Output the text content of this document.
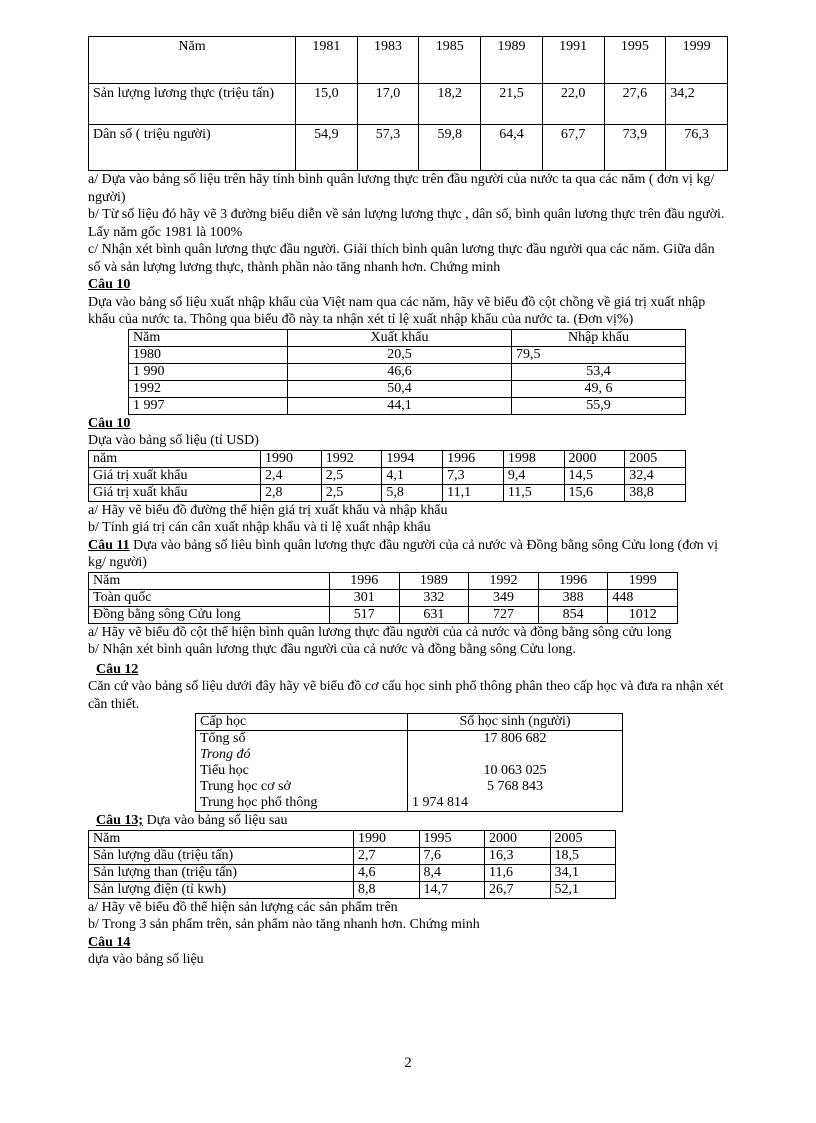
Năm	1981	1983	1985	1989	1991	1995	1999
Sản lượng lương thực (triệu tấn)	15,0	17,0	18,2	21,5	22,0	27,6	34,2
Dân số ( triệu người)	54,9	57,3	59,8	64,4	67,7	73,9	76,3

a/ Dựa vào bảng số liệu trên hãy tính bình quân lương thực trên đầu người của nước ta qua các năm ( đơn vị kg/ người)

b/ Từ số liệu đó hãy vẽ 3 đường biểu diễn về sản lượng lương thực , dân số, bình quân lương thực trên đầu người. Lấy năm gốc 1981 là 100%

c/ Nhận xét bình quân lương thực đầu người. Giải thích bình quân lương thực đầu người qua các năm. Giữa dân số và sản lượng lương thực, thành phần nào tăng nhanh hơn. Chứng minh

Câu 10

Dựa vào bảng số liệu xuất nhập khẩu của Việt nam qua các năm, hãy vẽ biểu đồ cột chồng về giá trị xuất nhập khẩu của nước ta. Thông qua biểu đồ này ta nhận xét tỉ lệ xuất nhập khẩu của nước ta. (Đơn vị%)

Năm	Xuất khẩu	Nhập khẩu
1980	20,5	79,5
1 990	46,6	53,4
1992	50,4	49, 6
1 997	44,1	55,9

Câu 10

Dựa vào bảng số liệu (tỉ USD)

năm	1990	1992	1994	1996	1998	2000	2005
Giá trị xuất khẩu	2,4	2,5	4,1	7,3	9,4	14,5	32,4
Giá trị xuất khẩu	2,8	2,5	5,8	11,1	11,5	15,6	38,8

a/ Hãy vẽ biểu đồ đường thể hiện giá trị xuất khẩu và nhập khẩu

b/ Tính giá trị cán cân xuất nhập khẩu và tỉ lệ xuất nhập khẩu

Câu 11 Dựa vào bảng số liêu bình quân lương thực đầu người của cả nước và Đồng bằng sông Cửu long (đơn vị kg/ người)

Năm	1996	1989	1992	1996	1999
Toàn quốc	301	332	349	388	448
Đồng bằng sông Cửu long	517	631	727	854	1012

a/ Hãy vẽ biểu đồ cột thể hiện bình quân lương thực đầu người của cả nước và đồng bằng sông cửu long

b/ Nhận xét bình quân lương thực đầu người của cả nước và đồng bằng sông Cửu long.

Câu 12

Căn cứ vào bảng số liệu dưới đây hãy vẽ biểu đồ cơ cấu học sinh phổ thông phân theo cấp học và đưa ra nhận xét cần thiết.

Cấp học	Số học sinh (người)
Tổng số	17 806 682
Trong đó	
Tiểu học	10 063 025
Trung học cơ sở	5 768 843
Trung học phổ thông	1 974 814

Câu 13; Dựa vào bảng số liệu sau

Năm	1990	1995	2000	2005
Sản lượng dầu (triệu tấn)	2,7	7,6	16,3	18,5
Sản lượng than (triệu tấn)	4,6	8,4	11,6	34,1
Sản lượng điện (tỉ kwh)	8,8	14,7	26,7	52,1

a/ Hãy vẽ biểu đồ thể hiện sản lượng các sản phẩm trên

b/ Trong 3 sản phẩm trên, sản phẩm nào tăng nhanh hơn. Chứng minh

Câu 14

dựa vào bảng số liệu

2
